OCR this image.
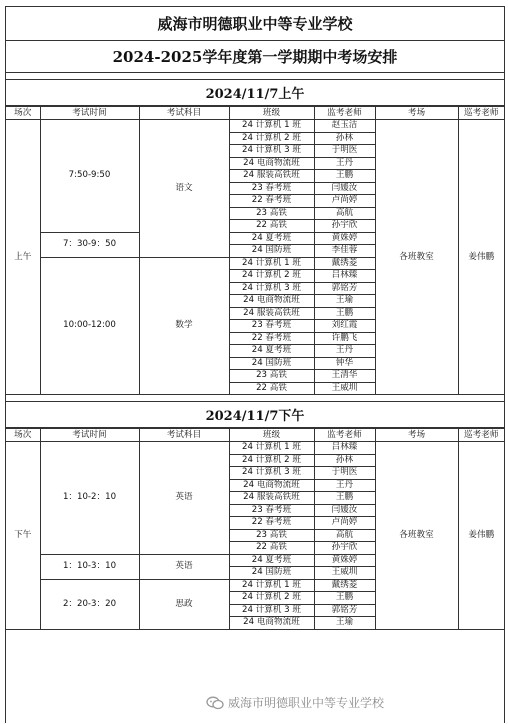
威海市明德职业中等专业学校
2024-2025学年度第一学期期中考场安排
2024/11/7上午
场次	考试时间	考试科目	班级	监考老师	考场	巡考老师
上午	7:50-9:50	语文	24 计算机 1 班	赵玉洁	各班教室	姜伟鹏
			24 计算机 2 班	孙林		
			24 计算机 3 班	于明医		
			24 电商物流班	王丹		
			24 服装高铁班	王鹏		
			23 春考班	闫媛汝		
			22 春考班	卢尚婷		
			23 高铁	高航		
			22 高铁	孙宇欣		
	7：30-9：50		24 夏考班	黄姝婷		
			24 国防班	李佳蓉		
	10:00-12:00	数学	24 计算机 1 班	戴绣菱		
			24 计算机 2 班	吕林臻		
			24 计算机 3 班	郭铭芳		
			24 电商物流班	王瑜		
			24 服装高铁班	王鹏		
			23 春考班	刘红霞		
			22 春考班	许鹏飞		
			24 夏考班	王丹		
			24 国防班	钟华		
			23 高铁	王清华		
			22 高铁	王威圳		
2024/11/7下午
场次	考试时间	考试科目	班级	监考老师	考场	巡考老师
下午	1：10-2：10	英语	24 计算机 1 班	吕林臻	各班教室	姜伟鹏
			24 计算机 2 班	孙林		
			24 计算机 3 班	于明医		
			24 电商物流班	王丹		
			24 服装高铁班	王鹏		
			23 春考班	闫媛汝		
			22 春考班	卢尚婷		
			23 高铁	高航		
			22 高铁	孙宇欣		
	1：10-3：10	英语	24 夏考班	黄姝婷		
			24 国防班	王威圳		
	2：20-3：20	思政	24 计算机 1 班	戴绣菱		
			24 计算机 2 班	王鹏		
			24 计算机 3 班	郭铭芳		
			24 电商物流班	王瑜		
威海市明德职业中等专业学校
